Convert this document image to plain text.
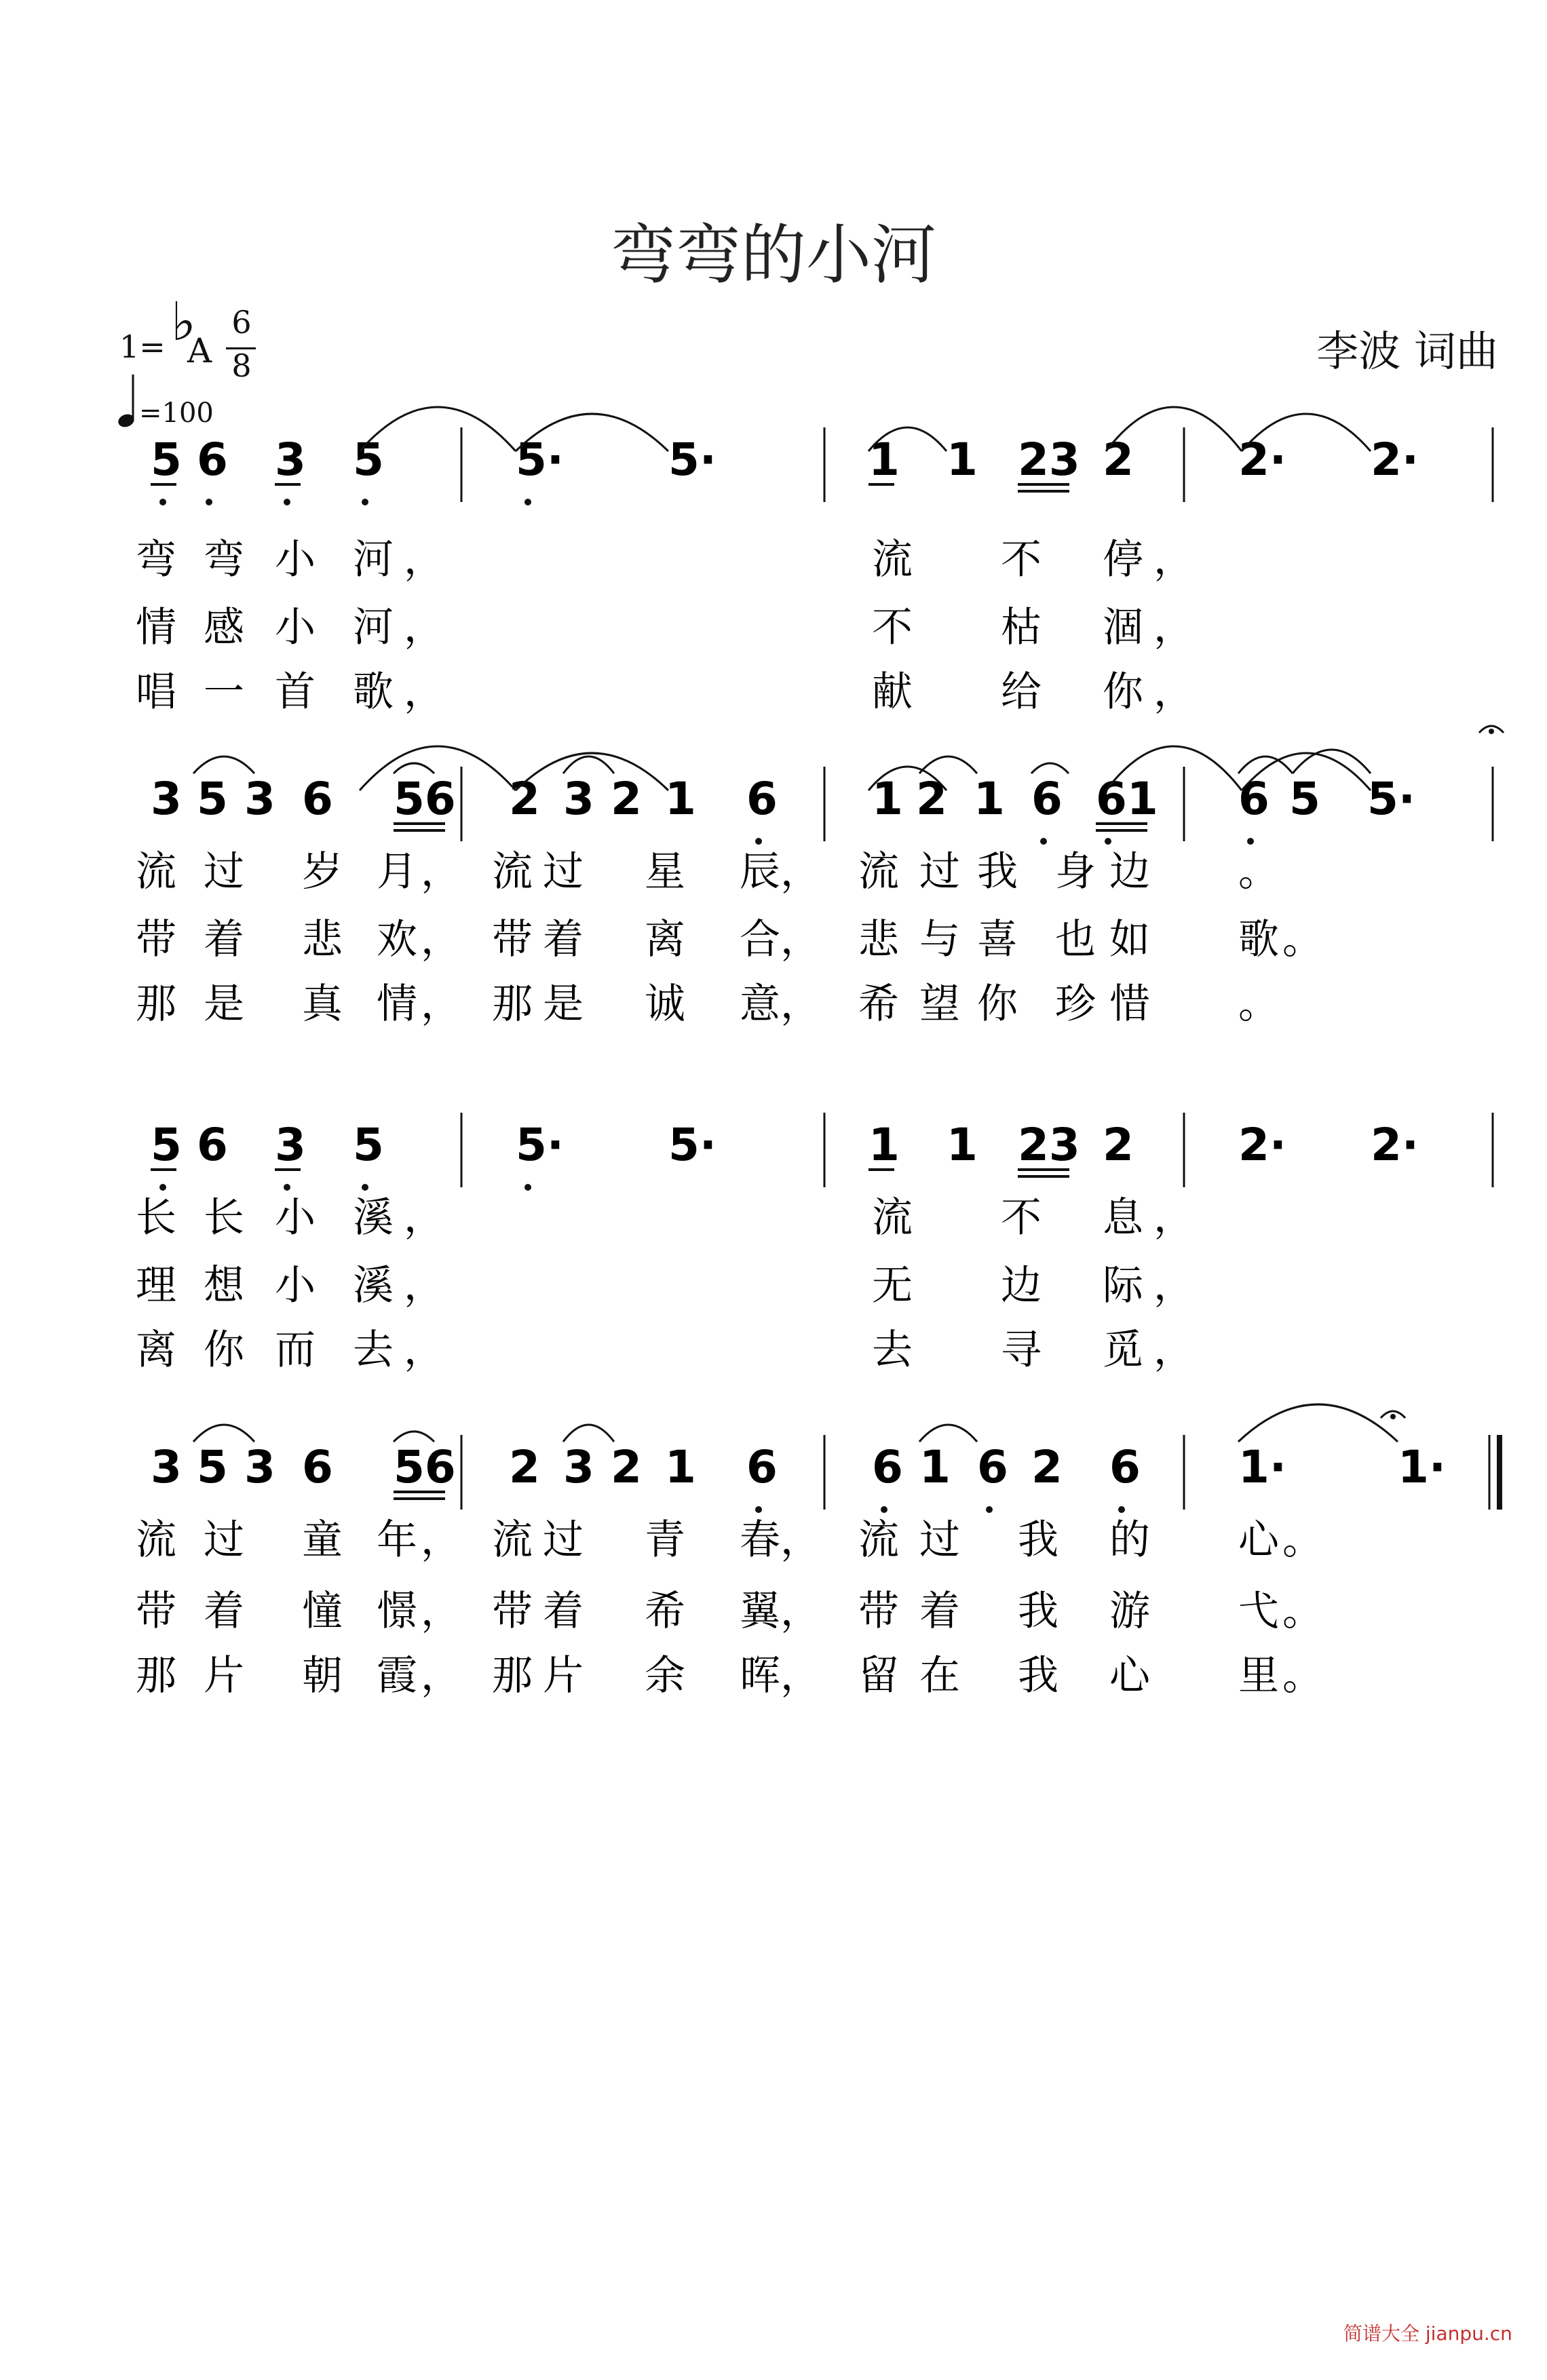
弯弯的小河
1= ♭
A
6
8
=100
李波 词曲
5 6 3 5	5· 5·	1 1 23 2 2· 2·
弯 弯 小 河 ，	流 不 停 ，
情 感 小 河 ，	不 枯 涸 ，
唱 一 首 歌 ，	献 给 你 ，
3 5 3 6 56 2 3 2 1 6 1 2 1 6 61 6 5 5·
流 过 岁 月 ， 流 过 星 辰 ， 流 过 我 身 边 。
带 着 悲 欢 ， 带 着 离 合 ， 悲 与 喜 也 如 歌 。
那 是 真 情 ， 那 是 诚 意 ， 希 望 你 珍 惜 。
5 6 3 5	5· 5·	1 1 23 2 2· 2·
长 长 小 溪 ，	流 不 息 ，
理 想 小 溪 ，	无 边 际 ，
离 你 而 去 ，	去 寻 觅 ，
3 5 3 6 56 2 3 2 1 6 6 1 6 2 6 1· 1·
流 过 童 年 ， 流 过 青 春 ， 流 过 我 的 心 。
带 着 憧 憬 ， 带 着 希 翼 ， 带 着 我 游 弋 。
那 片 朝 霞 ， 那 片 余 晖 ， 留 在 我 心 里 。
简谱大全 jianpu.cn
